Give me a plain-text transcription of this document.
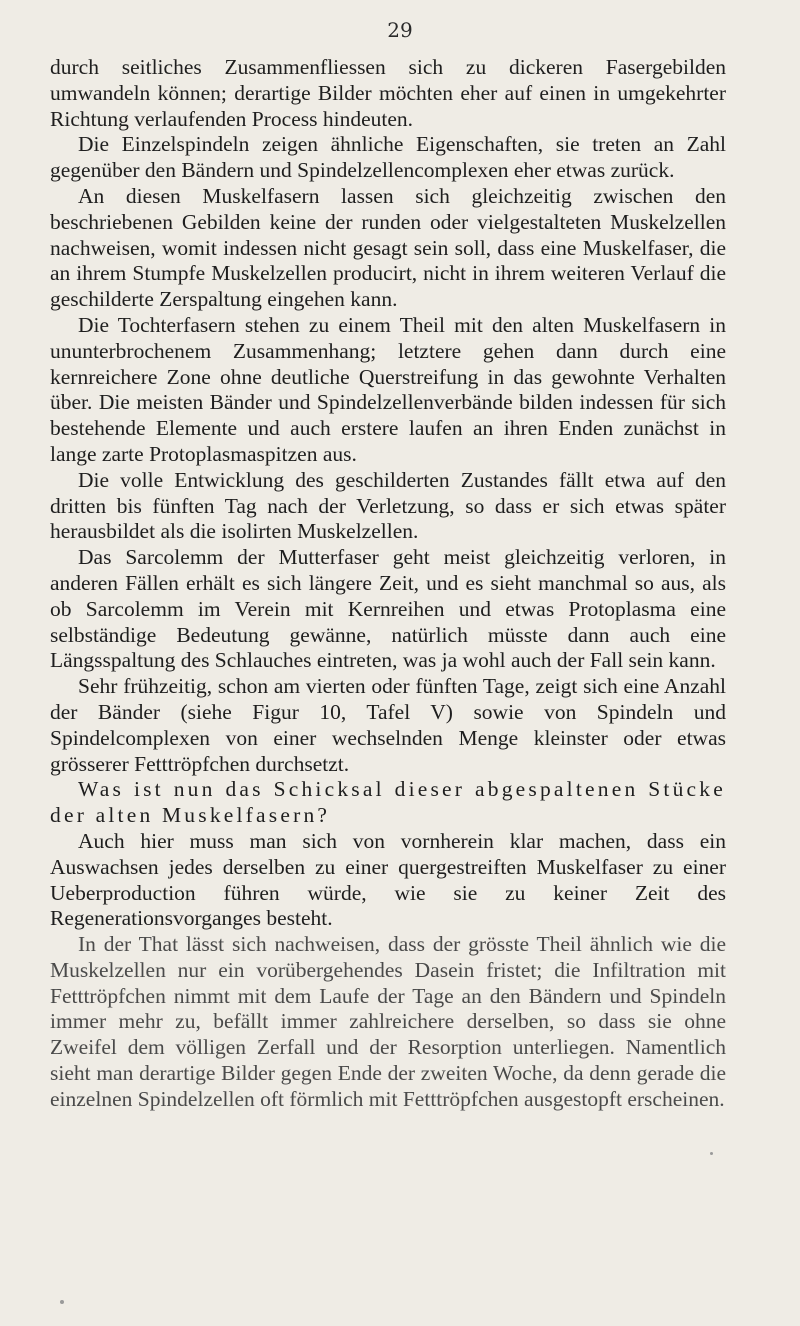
29

durch seitliches Zusammenfliessen sich zu dickeren Fasergebilden umwandeln können; derartige Bilder möchten eher auf einen in umgekehrter Richtung verlaufenden Process hindeuten.

Die Einzelspindeln zeigen ähnliche Eigenschaften, sie treten an Zahl gegenüber den Bändern und Spindelzellencomplexen eher etwas zurück.

An diesen Muskelfasern lassen sich gleichzeitig zwischen den beschriebenen Gebilden keine der runden oder vielgestalteten Muskelzellen nachweisen, womit indessen nicht gesagt sein soll, dass eine Muskelfaser, die an ihrem Stumpfe Muskelzellen producirt, nicht in ihrem weiteren Verlauf die geschilderte Zerspaltung eingehen kann.

Die Tochterfasern stehen zu einem Theil mit den alten Muskelfasern in ununterbrochenem Zusammenhang; letztere gehen dann durch eine kernreichere Zone ohne deutliche Querstreifung in das gewohnte Verhalten über. Die meisten Bänder und Spindelzellenverbände bilden indessen für sich bestehende Elemente und auch erstere laufen an ihren Enden zunächst in lange zarte Protoplasmaspitzen aus.

Die volle Entwicklung des geschilderten Zustandes fällt etwa auf den dritten bis fünften Tag nach der Verletzung, so dass er sich etwas später herausbildet als die isolirten Muskelzellen.

Das Sarcolemm der Mutterfaser geht meist gleichzeitig verloren, in anderen Fällen erhält es sich längere Zeit, und es sieht manchmal so aus, als ob Sarcolemm im Verein mit Kernreihen und etwas Protoplasma eine selbständige Bedeutung gewänne, natürlich müsste dann auch eine Längsspaltung des Schlauches eintreten, was ja wohl auch der Fall sein kann.

Sehr frühzeitig, schon am vierten oder fünften Tage, zeigt sich eine Anzahl der Bänder (siehe Figur 10, Tafel V) sowie von Spindeln und Spindelcomplexen von einer wechselnden Menge kleinster oder etwas grösserer Fetttröpfchen durchsetzt.

Was ist nun das Schicksal dieser abgespaltenen Stücke der alten Muskelfasern?

Auch hier muss man sich von vornherein klar machen, dass ein Auswachsen jedes derselben zu einer quergestreiften Muskelfaser zu einer Ueberproduction führen würde, wie sie zu keiner Zeit des Regenerationsvorganges besteht.

In der That lässt sich nachweisen, dass der grösste Theil ähnlich wie die Muskelzellen nur ein vorübergehendes Dasein fristet; die Infiltration mit Fetttröpfchen nimmt mit dem Laufe der Tage an den Bändern und Spindeln immer mehr zu, befällt immer zahlreichere derselben, so dass sie ohne Zweifel dem völligen Zerfall und der Resorption unterliegen. Namentlich sieht man derartige Bilder gegen Ende der zweiten Woche, da denn gerade die einzelnen Spindelzellen oft förmlich mit Fetttröpfchen ausgestopft erscheinen.
